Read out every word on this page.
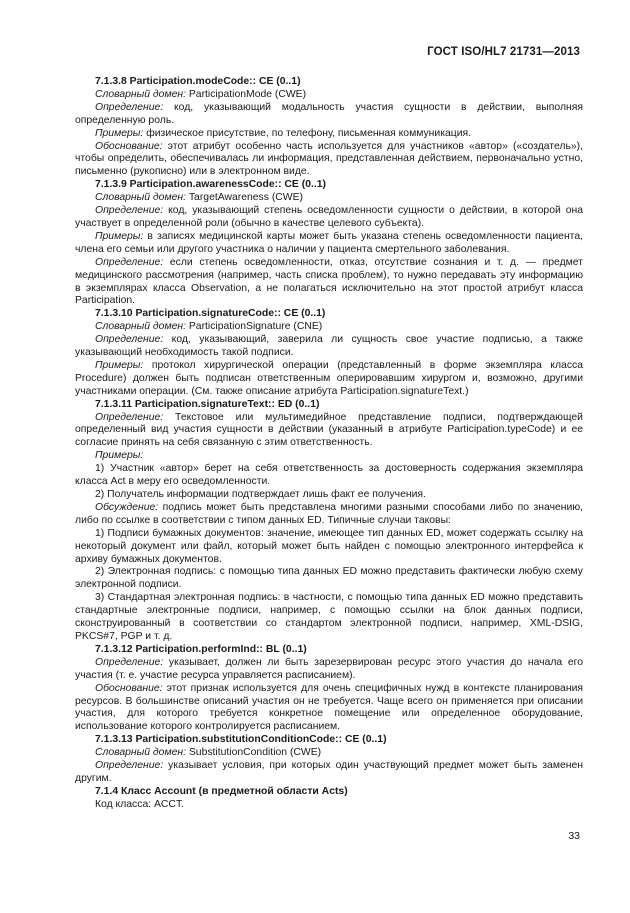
ГОСТ ISO/HL7 21731—2013

7.1.3.8 Participation.modeCode:: CE (0..1)

Словарный домен: ParticipationMode (CWE)

Определение: код, указывающий модальность участия сущности в действии, выполняя определенную роль.

Примеры: физическое присутствие, по телефону, письменная коммуникация.

Обоснование: этот атрибут особенно часть используется для участников «автор» («создатель»), чтобы определить, обеспечивалась ли информация, представленная действием, первоначально устно, письменно (рукописно) или в электронном виде.

7.1.3.9 Participation.awarenessCode:: CE (0..1)

Словарный домен: TargetAwareness (CWE)

Определение: код, указывающий степень осведомленности сущности о действии, в которой она участвует в определенной роли (обычно в качестве целевого субъекта).

Примеры: в записях медицинской карты может быть указана степень осведомленности пациента, члена его семьи или другого участника о наличии у пациента смертельного заболевания.

Определение: если степень осведомленности, отказ, отсутствие сознания и т. д. — предмет медицинского рассмотрения (например, часть списка проблем), то нужно передавать эту информацию в экземплярах класса Observation, а не полагаться исключительно на этот простой атрибут класса Participation.

7.1.3.10 Participation.signatureCode:: CE (0..1)

Словарный домен: ParticipationSignature (CNE)

Определение: код, указывающий, заверила ли сущность свое участие подписью, а также указывающий необходимость такой подписи.

Примеры: протокол хирургической операции (представленный в форме экземпляра класса Procedure) должен быть подписан ответственным оперировавшим хирургом и, возможно, другими участниками операции. (См. также описание атрибута Participation.signatureText.)

7.1.3.11 Participation.signatureText:: ED (0..1)

Определение: Текстовое или мультимедийное представление подписи, подтверждающей определенный вид участия сущности в действии (указанный в атрибуте Participation.typeCode) и ее согласие принять на себя связанную с этим ответственность.

Примеры:

1) Участник «автор» берет на себя ответственность за достоверность содержания экземпляра класса Act в меру его осведомленности.

2) Получатель информации подтверждает лишь факт ее получения.

Обсуждение: подпись может быть представлена многими разными способами либо по значению, либо по ссылке в соответствии с типом данных ED. Типичные случаи таковы:

1) Подписи бумажных документов: значение, имеющее тип данных ED, может содержать ссылку на некоторый документ или файл, который может быть найден с помощью электронного интерфейса к архиву бумажных документов.

2) Электронная подпись: с помощью типа данных ED можно представить фактически любую схему электронной подписи.

3) Стандартная электронная подпись: в частности, с помощью типа данных ED можно представить стандартные электронные подписи, например, с помощью ссылки на блок данных подписи, сконструированный в соответствии со стандартом электронной подписи, например, XML-DSIG, PKCS#7, PGP и т. д.

7.1.3.12 Participation.performInd:: BL (0..1)

Определение: указывает, должен ли быть зарезервирован ресурс этого участия до начала его участия (т. е. участие ресурса управляется расписанием).

Обоснование: этот признак используется для очень специфичных нужд в контексте планирования ресурсов. В большинстве описаний участия он не требуется. Чаще всего он применяется при описании участия, для которого требуется конкретное помещение или определенное оборудование, использование которого контролируется расписанием.

7.1.3.13 Participation.substitutionConditionCode:: CE (0..1)

Словарный домен: SubstitutionCondition (CWE)

Определение: указывает условия, при которых один участвующий предмет может быть заменен другим.

7.1.4 Класс Account (в предметной области Acts)

Код класса: ACCT.

33
